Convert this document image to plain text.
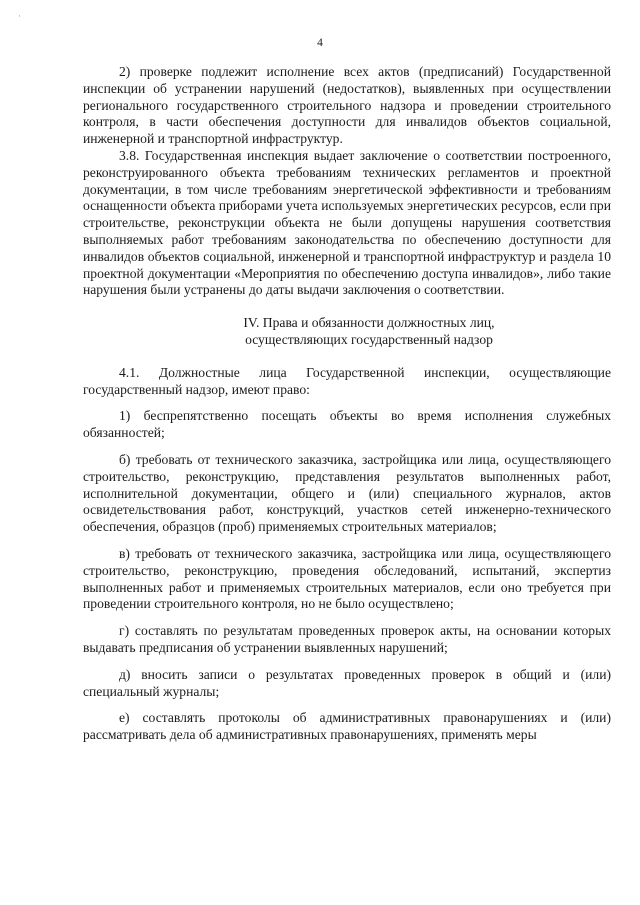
·
4

2) проверке подлежит исполнение всех актов (предписаний) Государственной инспекции об устранении нарушений (недостатков), выявленных при осуществлении регионального государственного строительного надзора и проведении строительного контроля, в части обеспечения доступности для инвалидов объектов социальной, инженерной и транспортной инфраструктур.

3.8. Государственная инспекция выдает заключение о соответствии построенного, реконструированного объекта требованиям технических регламентов и проектной документации, в том числе требованиям энергетической эффективности и требованиям оснащенности объекта приборами учета используемых энергетических ресурсов, если при строительстве, реконструкции объекта не были допущены нарушения соответствия выполняемых работ требованиям законодательства по обеспечению доступности для инвалидов объектов социальной, инженерной и транспортной инфраструктур и раздела 10 проектной документации «Мероприятия по обеспечению доступа инвалидов», либо такие нарушения были устранены до даты выдачи заключения о соответствии.

IV. Права и обязанности должностных лиц,
осуществляющих государственный надзор

4.1. Должностные лица Государственной инспекции, осуществляющие государственный надзор, имеют право:

1) беспрепятственно посещать объекты во время исполнения служебных обязанностей;

б) требовать от технического заказчика, застройщика или лица, осуществляющего строительство, реконструкцию, представления результатов выполненных работ, исполнительной документации, общего и (или) специального журналов, актов освидетельствования работ, конструкций, участков сетей инженерно-технического обеспечения, образцов (проб) применяемых строительных материалов;

в) требовать от технического заказчика, застройщика или лица, осуществляющего строительство, реконструкцию, проведения обследований, испытаний, экспертиз выполненных работ и применяемых строительных материалов, если оно требуется при проведении строительного контроля, но не было осуществлено;

г) составлять по результатам проведенных проверок акты, на основании которых выдавать предписания об устранении выявленных нарушений;

д) вносить записи о результатах проведенных проверок в общий и (или) специальный журналы;

е) составлять протоколы об административных правонарушениях и (или) рассматривать дела об административных правонарушениях, применять меры
